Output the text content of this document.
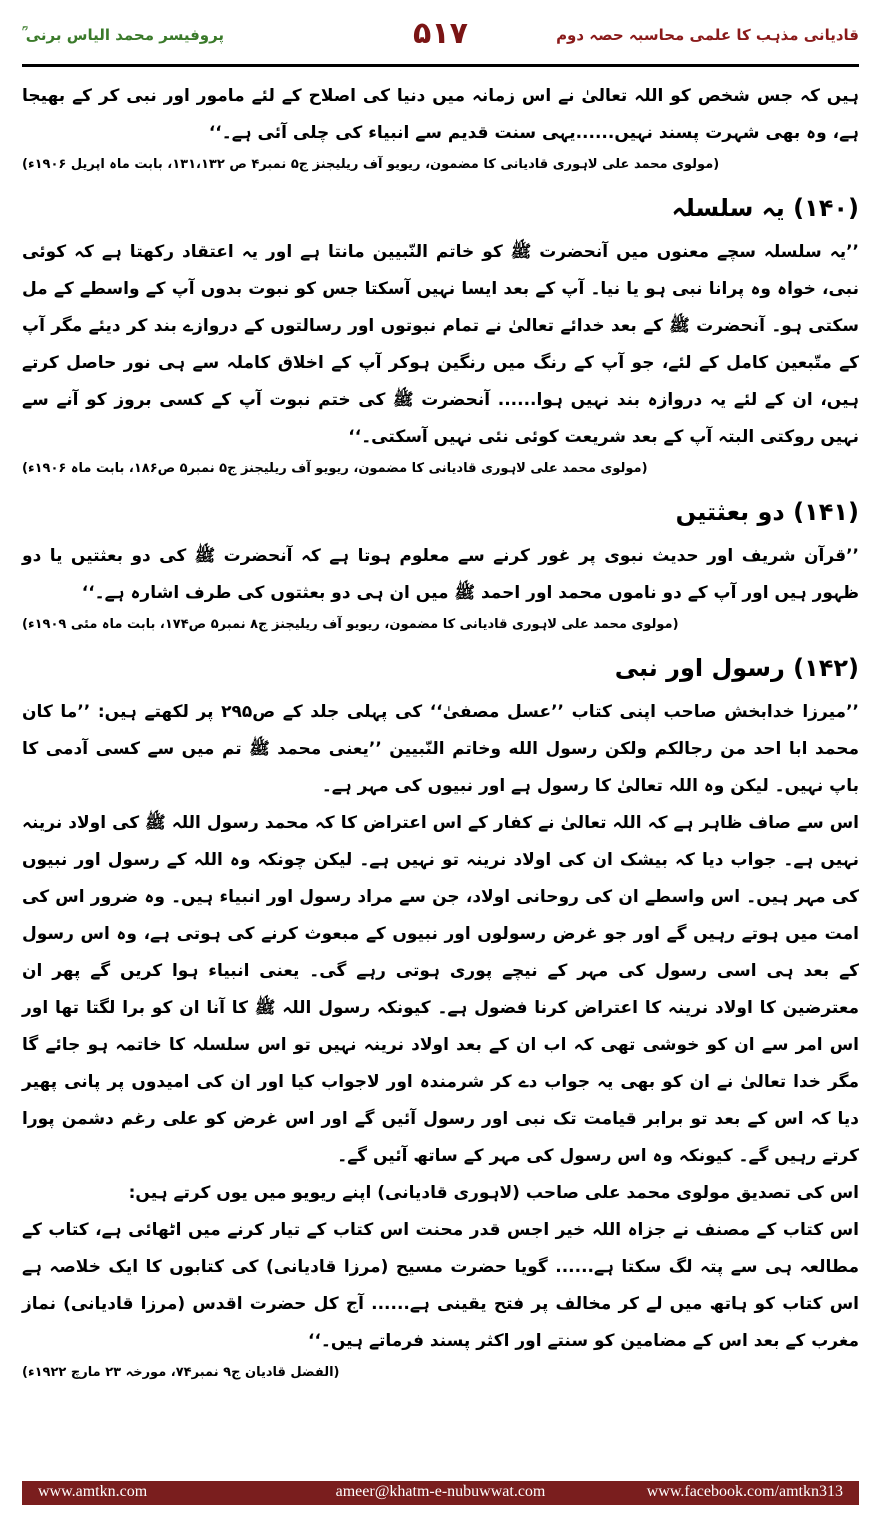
پروفیسر محمد الیاس برنی ؒ	۵۱۷	قادیانی مذہب کا علمی محاسبہ حصہ دوم

ہیں کہ جس شخص کو اللہ تعالیٰ نے اس زمانہ میں دنیا کی اصلاح کے لئے مامور اور نبی کر کے بھیجا ہے، وہ بھی شہرت پسند نہیں......یہی سنت قدیم سے انبیاء کی چلی آئی ہے۔‘‘

(مولوی محمد علی لاہوری قادیانی کا مضمون، ریویو آف ریلیجنز ج۵ نمبر۴ ص ۱۳۱،۱۳۲، بابت ماہ اپریل ۱۹۰۶ء)

(۱۴۰) یہ سلسلہ

’’یہ سلسلہ سچے معنوں میں آنحضرت ﷺ کو خاتم النّبیین مانتا ہے اور یہ اعتقاد رکھتا ہے کہ کوئی نبی، خواہ وہ پرانا نبی ہو یا نیا۔ آپ کے بعد ایسا نہیں آسکتا جس کو نبوت بدوں آپ کے واسطے کے مل سکتی ہو۔ آنحضرت ﷺ کے بعد خدائے تعالیٰ نے تمام نبوتوں اور رسالتوں کے دروازے بند کر دیئے مگر آپ کے متّبعین کامل کے لئے، جو آپ کے رنگ میں رنگین ہوکر آپ کے اخلاق کاملہ سے ہی نور حاصل کرتے ہیں، ان کے لئے یہ دروازہ بند نہیں ہوا...... آنحضرت ﷺ کی ختم نبوت آپ کے کسی بروز کو آنے سے نہیں روکتی البتہ آپ کے بعد شریعت کوئی نئی نہیں آسکتی۔‘‘

(مولوی محمد علی لاہوری قادیانی کا مضمون، ریویو آف ریلیجنز ج۵ نمبر۵ ص۱۸۶، بابت ماہ ۱۹۰۶ء)

(۱۴۱) دو بعثتیں

’’قرآن شریف اور حدیث نبوی پر غور کرنے سے معلوم ہوتا ہے کہ آنحضرت ﷺ کی دو بعثتیں یا دو ظہور ہیں اور آپ کے دو ناموں محمد اور احمد ﷺ میں ان ہی دو بعثتوں کی طرف اشارہ ہے۔‘‘

(مولوی محمد علی لاہوری قادیانی کا مضمون، ریویو آف ریلیجنز ج۸ نمبر۵ ص۱۷۴، بابت ماہ مئی ۱۹۰۹ء)

(۱۴۲) رسول اور نبی

’’میرزا خدابخش صاحب اپنی کتاب ’’عسل مصفیٰ‘‘ کی پہلی جلد کے ص۲۹۵ پر لکھتے ہیں: ’’ما كان محمد ابا احد من رجالكم ولكن رسول الله وخاتم النّبيين ’’یعنی محمد ﷺ تم میں سے کسی آدمی کا باپ نہیں۔ لیکن وہ اللہ تعالیٰ کا رسول ہے اور نبیوں کی مہر ہے۔

اس سے صاف ظاہر ہے کہ اللہ تعالیٰ نے کفار کے اس اعتراض کا کہ محمد رسول اللہ ﷺ کی اولاد نرینہ نہیں ہے۔ جواب دیا کہ بیشک ان کی اولاد نرینہ تو نہیں ہے۔ لیکن چونکہ وہ اللہ کے رسول اور نبیوں کی مہر ہیں۔ اس واسطے ان کی روحانی اولاد، جن سے مراد رسول اور انبیاء ہیں۔ وہ ضرور اس کی امت میں ہوتے رہیں گے اور جو غرض رسولوں اور نبیوں کے مبعوث کرنے کی ہوتی ہے، وہ اس رسول کے بعد ہی اسی رسول کی مہر کے نیچے پوری ہوتی رہے گی۔ یعنی انبیاء ہوا کریں گے پھر ان معترضین کا اولاد نرینہ کا اعتراض کرنا فضول ہے۔ کیونکہ رسول اللہ ﷺ کا آنا ان کو برا لگتا تھا اور اس امر سے ان کو خوشی تھی کہ اب ان کے بعد اولاد نرینہ نہیں تو اس سلسلہ کا خاتمہ ہو جائے گا مگر خدا تعالیٰ نے ان کو بھی یہ جواب دے کر شرمندہ اور لاجواب کیا اور ان کی امیدوں پر پانی پھیر دیا کہ اس کے بعد تو برابر قیامت تک نبی اور رسول آئیں گے اور اس غرض کو علی رغم دشمن پورا کرتے رہیں گے۔ کیونکہ وہ اس رسول کی مہر کے ساتھ آئیں گے۔

اس کی تصدیق مولوی محمد علی صاحب (لاہوری قادیانی) اپنے ریویو میں یوں کرتے ہیں:

اس کتاب کے مصنف نے جزاہ اللہ خیر اجس قدر محنت اس کتاب کے تیار کرنے میں اٹھائی ہے، کتاب کے مطالعہ ہی سے پتہ لگ سکتا ہے...... گویا حضرت مسیح (مرزا قادیانی) کی کتابوں کا ایک خلاصہ ہے اس کتاب کو ہاتھ میں لے کر مخالف پر فتح یقینی ہے...... آج کل حضرت اقدس (مرزا قادیانی) نماز مغرب کے بعد اس کے مضامین کو سنتے اور اکثر پسند فرماتے ہیں۔‘‘

(الفضل قادیان ج۹ نمبر۷۴، مورخہ ۲۳ مارچ ۱۹۲۲ء)

www.amtkn.com	ameer@khatm-e-nubuwwat.com	www.facebook.com/amtkn313
